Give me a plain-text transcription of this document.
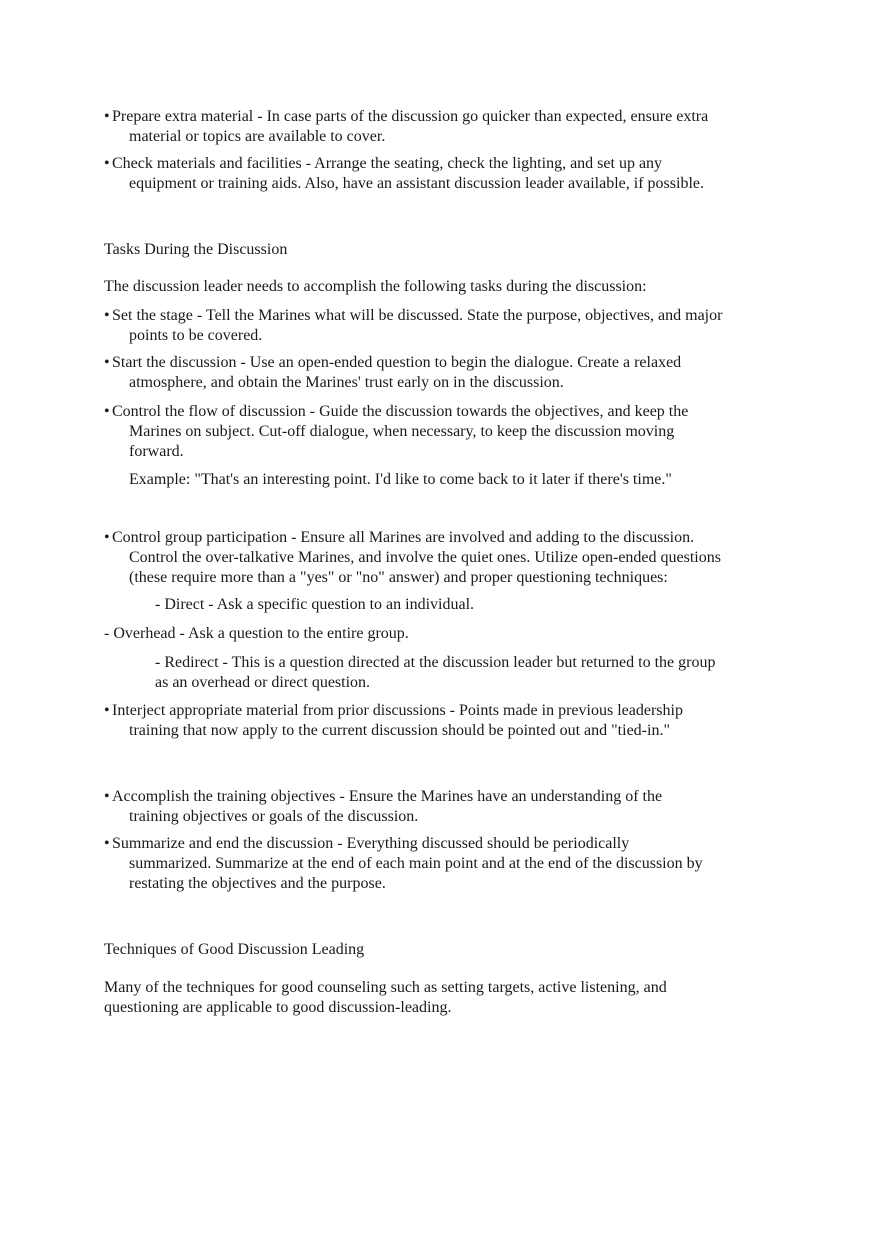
• Prepare extra material - In case parts of the discussion go quicker than expected, ensure extra
material or topics are available to cover.
• Check materials and facilities - Arrange the seating, check the lighting, and set up any
equipment or training aids. Also, have an assistant discussion leader available, if possible.
Tasks During the Discussion
The discussion leader needs to accomplish the following tasks during the discussion:
• Set the stage - Tell the Marines what will be discussed. State the purpose, objectives, and major
points to be covered.
• Start the discussion - Use an open-ended question to begin the dialogue. Create a relaxed
atmosphere, and obtain the Marines' trust early on in the discussion.
• Control the flow of discussion - Guide the discussion towards the objectives, and keep the
Marines on subject. Cut-off dialogue, when necessary, to keep the discussion moving
forward.
Example: "That's an interesting point. I'd like to come back to it later if there's time."
• Control group participation - Ensure all Marines are involved and adding to the discussion.
Control the over-talkative Marines, and involve the quiet ones. Utilize open-ended questions
(these require more than a "yes" or "no" answer) and proper questioning techniques:
- Direct - Ask a specific question to an individual.
- Overhead - Ask a question to the entire group.
- Redirect - This is a question directed at the discussion leader but returned to the group
as an overhead or direct question.
• Interject appropriate material from prior discussions - Points made in previous leadership
training that now apply to the current discussion should be pointed out and "tied-in."
• Accomplish the training objectives - Ensure the Marines have an understanding of the
training objectives or goals of the discussion.
• Summarize and end the discussion - Everything discussed should be periodically
summarized. Summarize at the end of each main point and at the end of the discussion by
restating the objectives and the purpose.
Techniques of Good Discussion Leading
Many of the techniques for good counseling such as setting targets, active listening, and
questioning are applicable to good discussion-leading.
